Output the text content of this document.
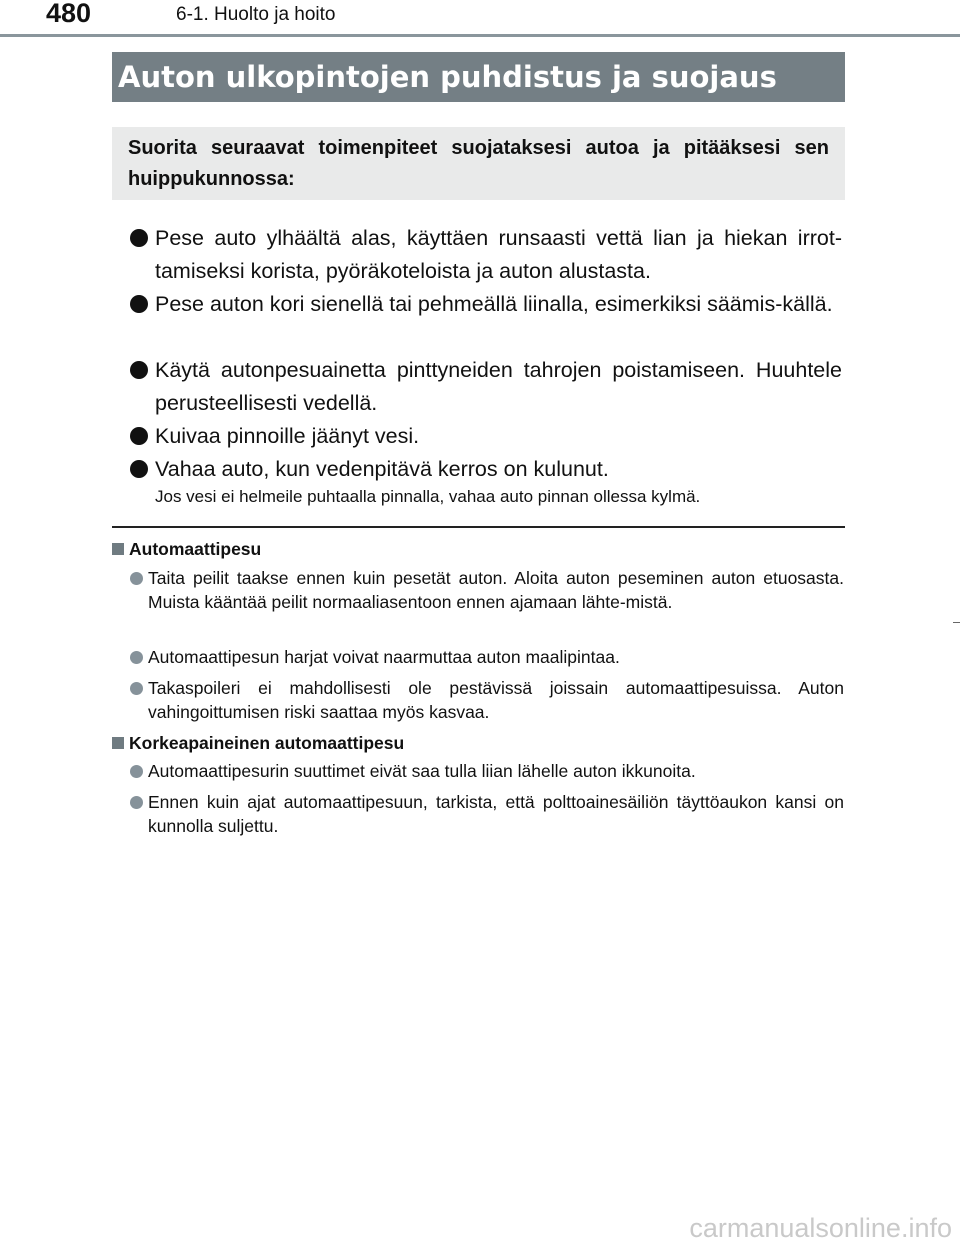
480	6-1. Huolto ja hoito
Auton ulkopintojen puhdistus ja suojaus
Suorita seuraavat toimenpiteet suojataksesi autoa ja pitääksesi sen huippukunnossa:
Pese auto ylhäältä alas, käyttäen runsaasti vettä lian ja hiekan irrot-tamiseksi korista, pyöräkoteloista ja auton alustasta.
Pese auton kori sienellä tai pehmeällä liinalla, esimerkiksi säämis-källä.
Käytä autonpesuainetta pinttyneiden tahrojen poistamiseen. Huuhtele perusteellisesti vedellä.
Kuivaa pinnoille jäänyt vesi.
Vahaa auto, kun vedenpitävä kerros on kulunut.
Jos vesi ei helmeile puhtaalla pinnalla, vahaa auto pinnan ollessa kylmä.
Automaattipesu
Taita peilit taakse ennen kuin pesetät auton. Aloita auton peseminen auton etuosasta. Muista kääntää peilit normaaliasentoon ennen ajamaan lähte-mistä.
Automaattipesun harjat voivat naarmuttaa auton maalipintaa.
Takaspoileri ei mahdollisesti ole pestävissä joissain automaattipesuissa. Auton vahingoittumisen riski saattaa myös kasvaa.
Korkeapaineinen automaattipesu
Automaattipesurin suuttimet eivät saa tulla liian lähelle auton ikkunoita.
Ennen kuin ajat automaattipesuun, tarkista, että polttoainesäiliön täyttöaukon kansi on kunnolla suljettu.
carmanualsonline.info
